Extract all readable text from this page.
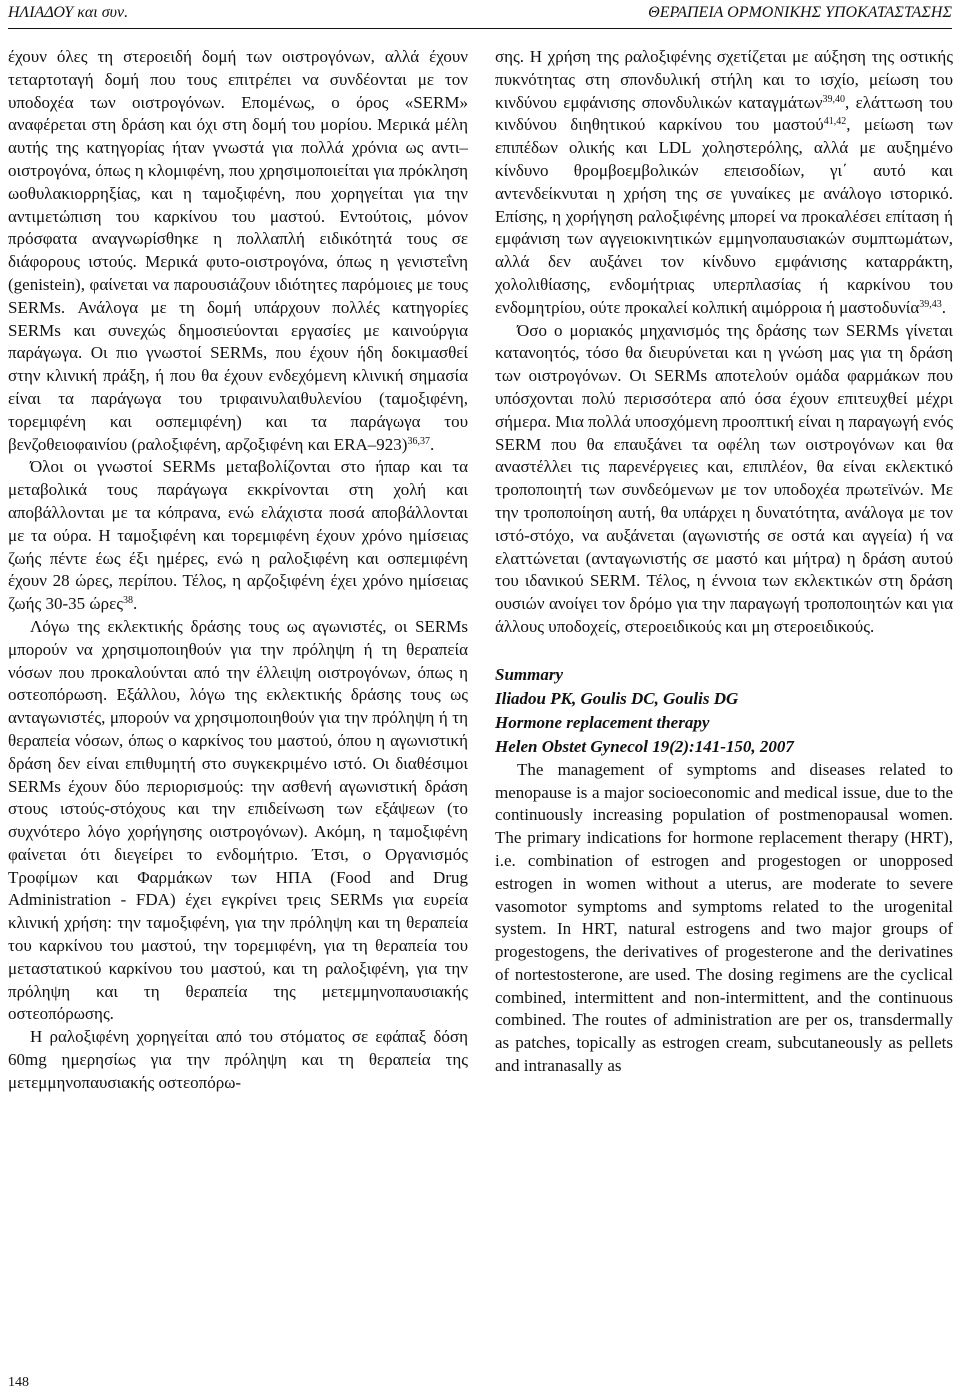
ΗΛΙΑΔΟΥ και συν.	ΘΕΡΑΠΕΙΑ ΟΡΜΟΝΙΚΗΣ ΥΠΟΚΑΤΑΣΤΑΣΗΣ

έχουν όλες τη στεροειδή δομή των οιστρογόνων, αλλά έχουν τεταρτοταγή δομή που τους επιτρέπει να συνδέονται με τον υποδοχέα των οιστρογόνων. Επομένως, ο όρος «SERM» αναφέρεται στη δράση και όχι στη δομή του μορίου. Μερικά μέλη αυτής της κατηγορίας ήταν γνωστά για πολλά χρόνια ως αντι–οιστρογόνα, όπως η κλομιφένη, που χρησιμοποιείται για πρόκληση ωοθυλακιορρηξίας, και η ταμοξιφένη, που χορηγείται για την αντιμετώπιση του καρκίνου του μαστού. Εντούτοις, μόνον πρόσφατα αναγνωρίσθηκε η πολλαπλή ειδικότητά τους σε διάφορους ιστούς. Μερικά φυτο-οιστρογόνα, όπως η γενιστεΐνη (genistein), φαίνεται να παρουσιάζουν ιδιότητες παρόμοιες με τους SERMs. Ανάλογα με τη δομή υπάρχουν πολλές κατηγορίες SERMs και συνεχώς δημοσιεύονται εργασίες με καινούργια παράγωγα. Οι πιο γνωστοί SERMs, που έχουν ήδη δοκιμασθεί στην κλινική πράξη, ή που θα έχουν ενδεχόμενη κλινική σημασία είναι τα παράγωγα του τριφαινυλαιθυλενίου (ταμοξιφένη, τορεμιφένη και οσπεμιφένη) και τα παράγωγα του βενζοθειοφαινίου (ραλοξιφένη, αρζοξιφένη και ERA–923)$^{36,37}$.

Όλοι οι γνωστοί SERMs μεταβολίζονται στο ήπαρ και τα μεταβολικά τους παράγωγα εκκρίνονται στη χολή και αποβάλλονται με τα κόπρανα, ενώ ελάχιστα ποσά αποβάλλονται με τα ούρα. Η ταμοξιφένη και τορεμιφένη έχουν χρόνο ημίσειας ζωής πέντε έως έξι ημέρες, ενώ η ραλοξιφένη και οσπεμιφένη έχουν 28 ώρες, περίπου. Τέλος, η αρζοξιφένη έχει χρόνο ημίσειας ζωής 30-35 ώρες$^{38}$.

Λόγω της εκλεκτικής δράσης τους ως αγωνιστές, οι SERMs μπορούν να χρησιμοποιηθούν για την πρόληψη ή τη θεραπεία νόσων που προκαλούνται από την έλλειψη οιστρογόνων, όπως η οστεοπόρωση. Εξάλλου, λόγω της εκλεκτικής δράσης τους ως ανταγωνιστές, μπορούν να χρησιμοποιηθούν για την πρόληψη ή τη θεραπεία νόσων, όπως ο καρκίνος του μαστού, όπου η αγωνιστική δράση δεν είναι επιθυμητή στο συγκεκριμένο ιστό. Οι διαθέσιμοι SERMs έχουν δύο περιορισμούς: την ασθενή αγωνιστική δράση στους ιστούς-στόχους και την επιδείνωση των εξάψεων (το συχνότερο λόγο χορήγησης οιστρογόνων). Ακόμη, η ταμοξιφένη φαίνεται ότι διεγείρει το ενδομήτριο. Έτσι, ο Οργανισμός Τροφίμων και Φαρμάκων των ΗΠΑ (Food and Drug Administration - FDA) έχει εγκρίνει τρεις SERMs για ευρεία κλινική χρήση: την ταμοξιφένη, για την πρόληψη και τη θεραπεία του καρκίνου του μαστού, την τορεμιφένη, για τη θεραπεία του μεταστατικού καρκίνου του μαστού, και τη ραλοξιφένη, για την πρόληψη και τη θεραπεία της μετεμμηνοπαυσιακής οστεοπόρωσης.

Η ραλοξιφένη χορηγείται από του στόματος σε εφάπαξ δόση 60mg ημερησίως για την πρόληψη και τη θεραπεία της μετεμμηνοπαυσιακής οστεοπόρω-

σης. Η χρήση της ραλοξιφένης σχετίζεται με αύξηση της οστικής πυκνότητας στη σπονδυλική στήλη και το ισχίο, μείωση του κινδύνου εμφάνισης σπονδυλικών καταγμάτων$^{39,40}$, ελάττωση του κινδύνου διηθητικού καρκίνου του μαστού$^{41,42}$, μείωση των επιπέδων ολικής και LDL χοληστερόλης, αλλά με αυξημένο κίνδυνο θρομβοεμβολικών επεισοδίων, γι΄ αυτό και αντενδείκνυται η χρήση της σε γυναίκες με ανάλογο ιστορικό. Επίσης, η χορήγηση ραλοξιφένης μπορεί να προκαλέσει επίταση ή εμφάνιση των αγγειοκινητικών εμμηνοπαυσιακών συμπτωμάτων, αλλά δεν αυξάνει τον κίνδυνο εμφάνισης καταρράκτη, χολολιθίασης, ενδομήτριας υπερπλασίας ή καρκίνου του ενδομητρίου, ούτε προκαλεί κολπική αιμόρροια ή μαστοδυνία$^{39,43}$.

Όσο ο μοριακός μηχανισμός της δράσης των SERMs γίνεται κατανοητός, τόσο θα διευρύνεται και η γνώση μας για τη δράση των οιστρογόνων. Οι SERMs αποτελούν ομάδα φαρμάκων που υπόσχονται πολύ περισσότερα από όσα έχουν επιτευχθεί μέχρι σήμερα. Μια πολλά υποσχόμενη προοπτική είναι η παραγωγή ενός SERM που θα επαυξάνει τα οφέλη των οιστρογόνων και θα αναστέλλει τις παρενέργειες και, επιπλέον, θα είναι εκλεκτικό τροποποιητή των συνδεόμενων με τον υποδοχέα πρωτεϊνών. Με την τροποποίηση αυτή, θα υπάρχει η δυνατότητα, ανάλογα με τον ιστό-στόχο, να αυξάνεται (αγωνιστής σε οστά και αγγεία) ή να ελαττώνεται (ανταγωνιστής σε μαστό και μήτρα) η δράση αυτού του ιδανικού SERM. Τέλος, η έννοια των εκλεκτικών στη δράση ουσιών ανοίγει τον δρόμο για την παραγωγή τροποποιητών και για άλλους υποδοχείς, στεροειδικούς και μη στεροειδικούς.

Summary
Iliadou PK, Goulis DC, Goulis DG
Hormone replacement therapy
Helen Obstet Gynecol 19(2):141-150, 2007

The management of symptoms and diseases related to menopause is a major socioeconomic and medical issue, due to the continuously increasing population of postmenopausal women. The primary indications for hormone replacement therapy (HRT), i.e. combination of estrogen and progestogen or unopposed estrogen in women without a uterus, are moderate to severe vasomotor symptoms and symptoms related to the urogenital system. In HRT, natural estrogens and two major groups of progestogens, the derivatives of progesterone and the derivatines of nortestosterone, are used. The dosing regimens are the cyclical combined, intermittent and non-intermittent, and the continuous combined. The routes of administration are per os, transdermally as patches, topically as estrogen cream, subcutaneously as pellets and intranasally as

148
